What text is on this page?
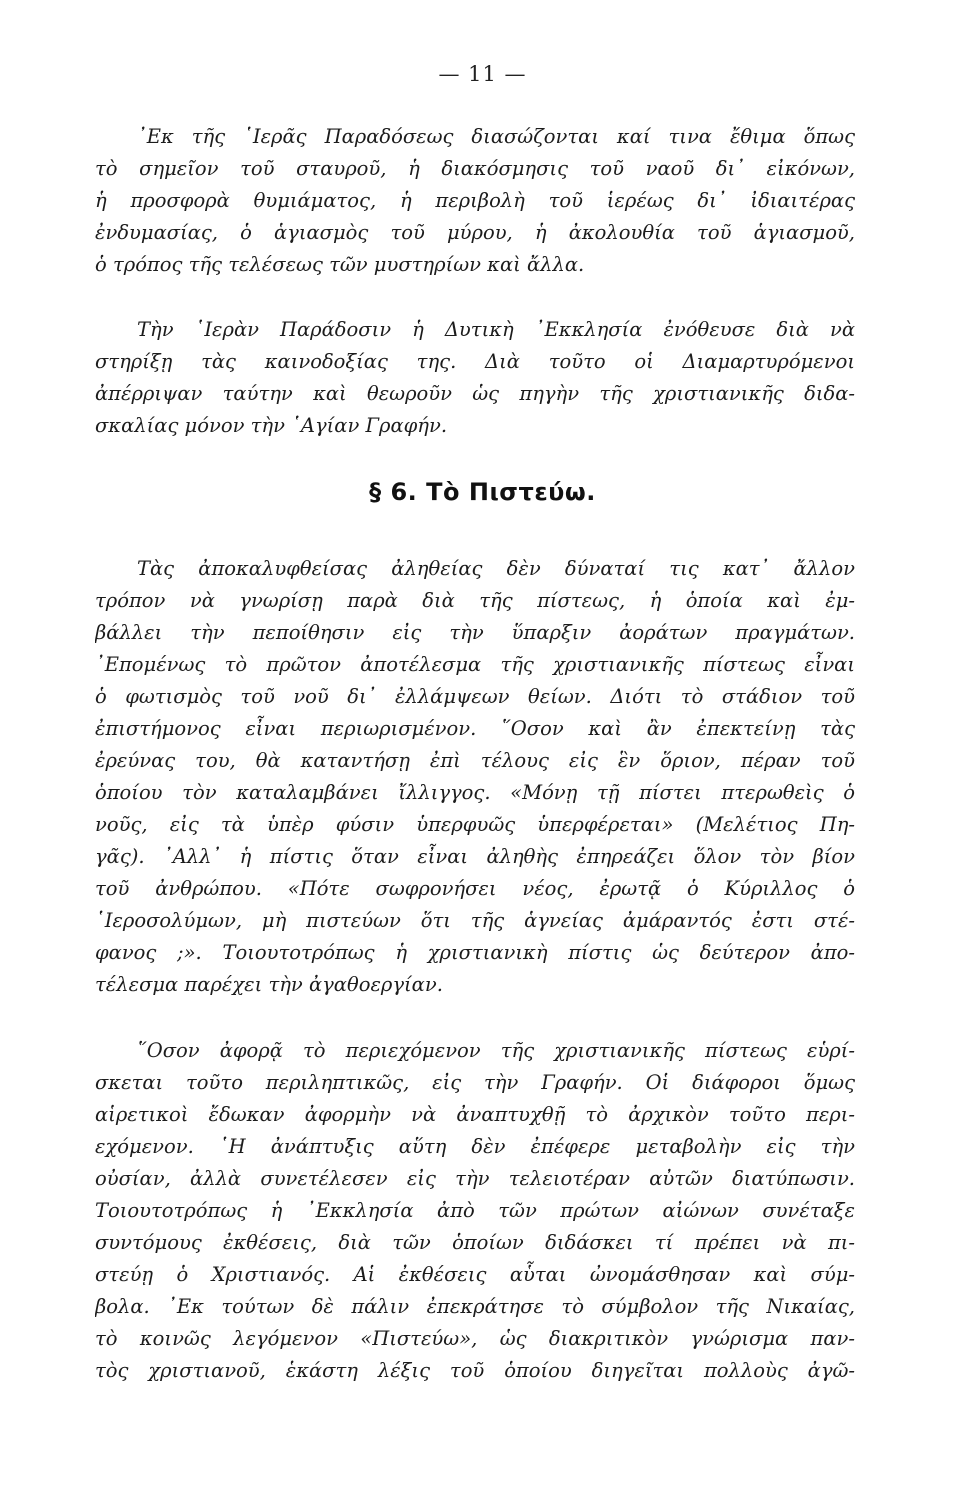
— 11 —
᾿Εκ τῆς ῾Ιερᾶς Παραδόσεως διασώζονται καί τινα ἔθιμα ὅπως
τὸ σημεῖον τοῦ σταυροῦ, ἡ διακόσμησις τοῦ ναοῦ δι᾿ εἰκόνων,
ἡ προσφορὰ θυμιάματος, ἡ περιβολὴ τοῦ ἱερέως δι᾿ ἰδιαιτέρας
ἐνδυμασίας, ὁ ἁγιασμὸς τοῦ μύρου, ἡ ἀκολουθία τοῦ ἁγιασμοῦ,
ὁ τρόπος τῆς τελέσεως τῶν μυστηρίων καὶ ἄλλα.
Τὴν ῾Ιερὰν Παράδοσιν ἡ Δυτικὴ ᾿Εκκλησία ἐνόθευσε διὰ νὰ
στηρίξῃ τὰς καινοδοξίας της. Διὰ τοῦτο οἱ Διαμαρτυρόμενοι
ἀπέρριψαν ταύτην καὶ θεωροῦν ὡς πηγὴν τῆς χριστιανικῆς διδα-
σκαλίας μόνον τὴν ῾Αγίαν Γραφήν.
§ 6. Τὸ Πιστεύω.
Τὰς ἀποκαλυφθείσας ἀληθείας δὲν δύναταί τις κατ᾿ ἄλλον
τρόπον νὰ γνωρίσῃ παρὰ διὰ τῆς πίστεως, ἡ ὁποία καὶ ἐμ-
βάλλει τὴν πεποίθησιν εἰς τὴν ὕπαρξιν ἀοράτων πραγμάτων.
᾿Επομένως τὸ πρῶτον ἀποτέλεσμα τῆς χριστιανικῆς πίστεως εἶναι
ὁ φωτισμὸς τοῦ νοῦ δι᾿ ἐλλάμψεων θείων. Διότι τὸ στάδιον τοῦ
ἐπιστήμονος εἶναι περιωρισμένον. ῞Οσον καὶ ἂν ἐπεκτείνῃ τὰς
ἐρεύνας του, θὰ καταντήσῃ ἐπὶ τέλους εἰς ἓν ὅριον, πέραν τοῦ
ὁποίου τὸν καταλαμβάνει ἴλλιγγος. «Μόνῃ τῇ πίστει πτερωθεὶς ὁ
νοῦς, εἰς τὰ ὑπὲρ φύσιν ὑπερφυῶς ὑπερφέρεται» (Μελέτιος Πη-
γᾶς). ᾿Αλλ᾿ ἡ πίστις ὅταν εἶναι ἀληθὴς ἐπηρεάζει ὅλον τὸν βίον
τοῦ ἀνθρώπου. «Πότε σωφρονήσει νέος, ἐρωτᾷ ὁ Κύριλλος ὁ
῾Ιεροσολύμων, μὴ πιστεύων ὅτι τῆς ἁγνείας ἀμάραντός ἐστι στέ-
φανος ;». Τοιουτοτρόπως ἡ χριστιανικὴ πίστις ὡς δεύτερον ἀπο-
τέλεσμα παρέχει τὴν ἀγαθοεργίαν.
῞Οσον ἀφορᾷ τὸ περιεχόμενον τῆς χριστιανικῆς πίστεως εὑρί-
σκεται τοῦτο περιληπτικῶς, εἰς τὴν Γραφήν. Οἱ διάφοροι ὅμως
αἱρετικοὶ ἔδωκαν ἀφορμὴν νὰ ἀναπτυχθῇ τὸ ἀρχικὸν τοῦτο περι-
εχόμενον. ῾Η ἀνάπτυξις αὕτη δὲν ἐπέφερε μεταβολὴν εἰς τὴν
οὐσίαν, ἀλλὰ συνετέλεσεν εἰς τὴν τελειοτέραν αὐτῶν διατύπωσιν.
Τοιουτοτρόπως ἡ ᾿Εκκλησία ἀπὸ τῶν πρώτων αἰώνων συνέταξε
συντόμους ἐκθέσεις, διὰ τῶν ὁποίων διδάσκει τί πρέπει νὰ πι-
στεύῃ ὁ Χριστιανός. Αἱ ἐκθέσεις αὗται ὠνομάσθησαν καὶ σύμ-
βολα. ᾿Εκ τούτων δὲ πάλιν ἐπεκράτησε τὸ σύμβολον τῆς Νικαίας,
τὸ κοινῶς λεγόμενον «Πιστεύω», ὡς διακριτικὸν γνώρισμα παν-
τὸς χριστιανοῦ, ἑκάστη λέξις τοῦ ὁποίου διηγεῖται πολλοὺς ἀγῶ-
